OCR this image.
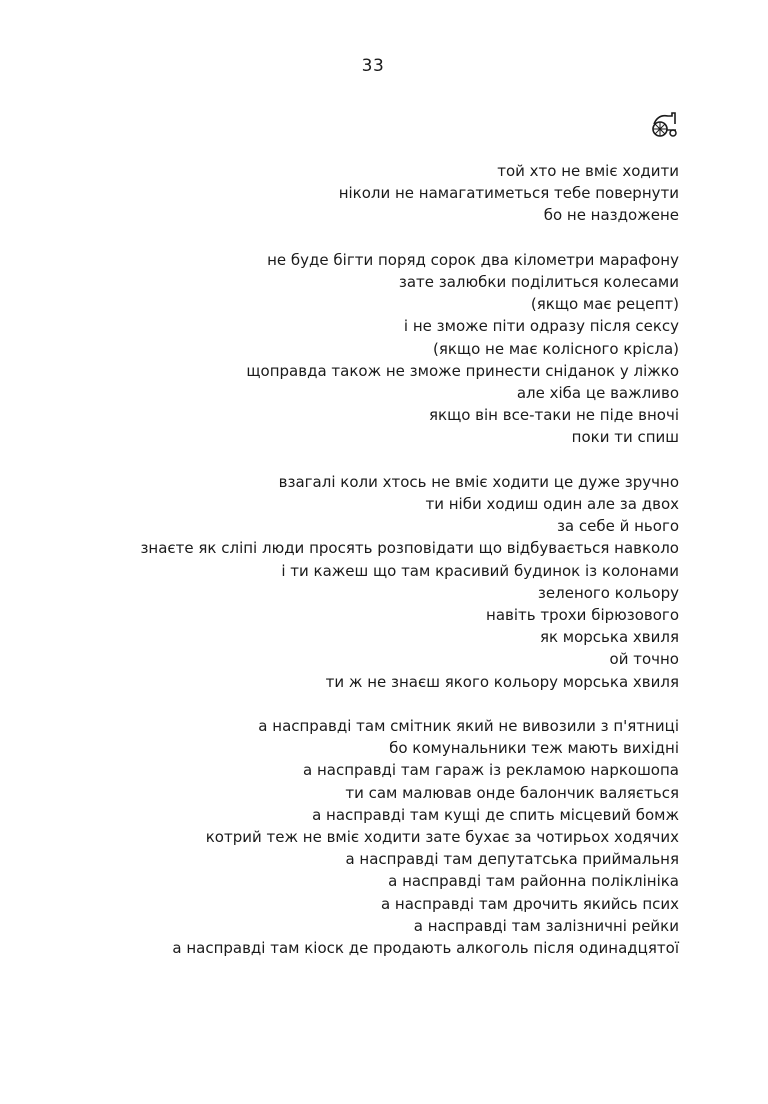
33
той хто не вміє ходити
ніколи не намагатиметься тебе повернути
бо не наздожене
не буде бігти поряд сорок два кілометри марафону
зате залюбки поділиться колесами
(якщо має рецепт)
і не зможе піти одразу після сексу
(якщо не має колісного крісла)
щоправда також не зможе принести сніданок у ліжко
але хіба це важливо
якщо він все-таки не піде вночі
поки ти спиш
взагалі коли хтось не вміє ходити це дуже зручно
ти ніби ходиш один але за двох
за себе й нього
знаєте як сліпі люди просять розповідати що відбувається навколо
і ти кажеш що там красивий будинок із колонами
зеленого кольору
навіть трохи бірюзового
як морська хвиля
ой точно
ти ж не знаєш якого кольору морська хвиля
а насправді там смітник який не вивозили з п'ятниці
бо комунальники теж мають вихідні
а насправді там гараж із рекламою наркошопа
ти сам малював онде балончик валяється
а насправді там кущі де спить місцевий бомж
котрий теж не вміє ходити зате бухає за чотирьох ходячих
а насправді там депутатська приймальня
а насправді там районна поліклініка
а насправді там дрочить якийсь псих
а насправді там залізничні рейки
а насправді там кіоск де продають алкоголь після одинадцятої
